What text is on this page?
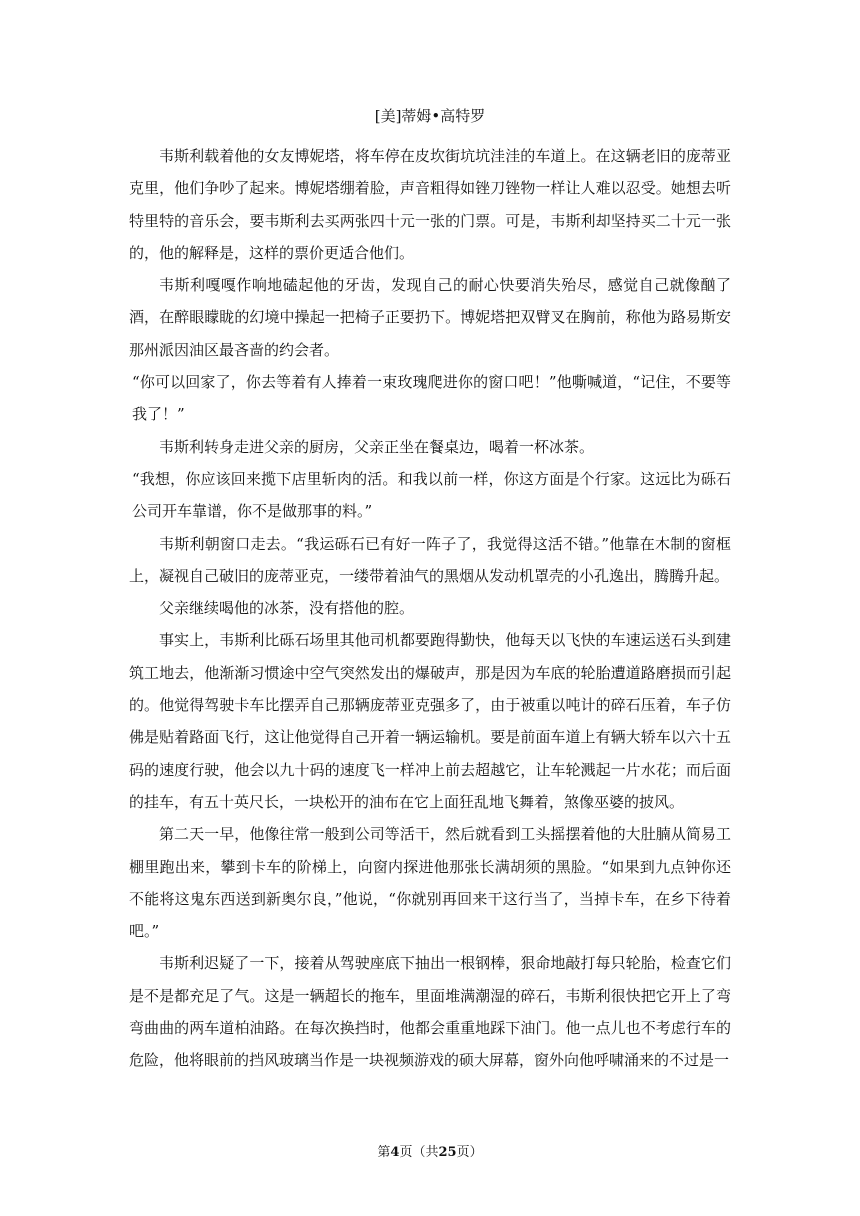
[美]蒂姆•高特罗

韦斯利载着他的女友博妮塔，将车停在皮坎街坑坑洼洼的车道上。在这辆老旧的庞蒂亚克里，他们争吵了起来。博妮塔绷着脸，声音粗得如锉刀锉物一样让人难以忍受。她想去听特里特的音乐会，要韦斯利去买两张四十元一张的门票。可是，韦斯利却坚持买二十元一张的，他的解释是，这样的票价更适合他们。

韦斯利嘎嘎作响地磕起他的牙齿，发现自己的耐心快要消失殆尽，感觉自己就像酗了酒，在醉眼矇眬的幻境中操起一把椅子正要扔下。博妮塔把双臂叉在胸前，称他为路易斯安那州派因油区最吝啬的约会者。

“你可以回家了，你去等着有人捧着一束玫瑰爬进你的窗口吧！”他嘶喊道，“记住，不要等我了！”

韦斯利转身走进父亲的厨房，父亲正坐在餐桌边，喝着一杯冰茶。

“我想，你应该回来揽下店里斩肉的活。和我以前一样，你这方面是个行家。这远比为砾石公司开车靠谱，你不是做那事的料。”

韦斯利朝窗口走去。“我运砾石已有好一阵子了，我觉得这活不错。”他靠在木制的窗框上，凝视自己破旧的庞蒂亚克，一缕带着油气的黑烟从发动机罩壳的小孔逸出，腾腾升起。

父亲继续喝他的冰茶，没有搭他的腔。

事实上，韦斯利比砾石场里其他司机都要跑得勤快，他每天以飞快的车速运送石头到建筑工地去，他渐渐习惯途中空气突然发出的爆破声，那是因为车底的轮胎遭道路磨损而引起的。他觉得驾驶卡车比摆弄自己那辆庞蒂亚克强多了，由于被重以吨计的碎石压着，车子仿佛是贴着路面飞行，这让他觉得自己开着一辆运输机。要是前面车道上有辆大轿车以六十五码的速度行驶，他会以九十码的速度飞一样冲上前去超越它，让车轮溅起一片水花；而后面的挂车，有五十英尺长，一块松开的油布在它上面狂乱地飞舞着，煞像巫婆的披风。

第二天一早，他像往常一般到公司等活干，然后就看到工头摇摆着他的大肚腩从简易工棚里跑出来，攀到卡车的阶梯上，向窗内探进他那张长满胡须的黑脸。“如果到九点钟你还不能将这鬼东西送到新奥尔良，”他说，“你就别再回来干这行当了，当掉卡车，在乡下待着吧。”

韦斯利迟疑了一下，接着从驾驶座底下抽出一根钢棒，狠命地敲打每只轮胎，检查它们是不是都充足了气。这是一辆超长的拖车，里面堆满潮湿的碎石，韦斯利很快把它开上了弯弯曲曲的两车道柏油路。在每次换挡时，他都会重重地踩下油门。他一点儿也不考虑行车的危险，他将眼前的挡风玻璃当作是一块视频游戏的硕大屏幕，窗外向他呼啸涌来的不过是一

第4页（共25页）
